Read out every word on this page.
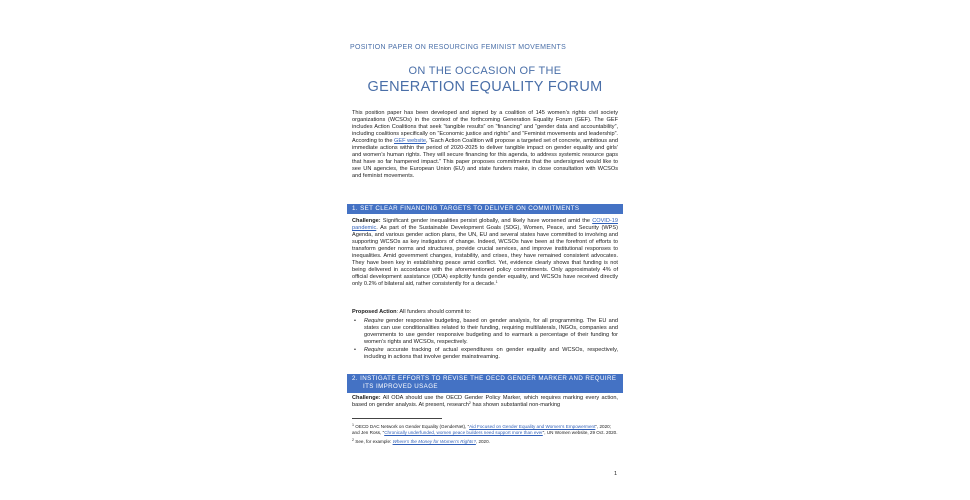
POSITION PAPER ON RESOURCING FEMINIST MOVEMENTS
ON THE OCCASION OF THE
GENERATION EQUALITY FORUM
This position paper has been developed and signed by a coalition of 145 women’s rights civil society organizations (WCSOs) in the context of the forthcoming Generation Equality Forum (GEF). The GEF includes Action Coalitions that seek “tangible results” on “financing” and “gender data and accountability”, including coalitions specifically on “Economic justice and rights” and “Feminist movements and leadership”. According to the GEF website, “Each Action Coalition will propose a targeted set of concrete, ambitious and immediate actions within the period of 2020-2025 to deliver tangible impact on gender equality and girls’ and women’s human rights. They will secure financing for this agenda, to address systemic resource gaps that have so far hampered impact.” This paper proposes commitments that the undersigned would like to see UN agencies, the European Union (EU) and state funders make, in close consultation with WCSOs and feminist movements.
1. SET CLEAR FINANCING TARGETS TO DELIVER ON COMMITMENTS
Challenge: Significant gender inequalities persist globally, and likely have worsened amid the COVID-19 pandemic. As part of the Sustainable Development Goals (SDG), Women, Peace, and Security (WPS) Agenda, and various gender action plans, the UN, EU and several states have committed to involving and supporting WCSOs as key instigators of change. Indeed, WCSOs have been at the forefront of efforts to transform gender norms and structures, provide crucial services, and improve institutional responses to inequalities. Amid government changes, instability, and crises, they have remained consistent advocates. They have been key in establishing peace amid conflict. Yet, evidence clearly shows that funding is not being delivered in accordance with the aforementioned policy commitments. Only approximately 4% of official development assistance (ODA) explicitly funds gender equality, and WCSOs have received directly only 0.2% of bilateral aid, rather consistently for a decade.$^1$
Proposed Action: All funders should commit to:
• Require gender responsive budgeting, based on gender analysis, for all programming. The EU and states can use conditionalities related to their funding, requiring multilaterals, INGOs, companies and governments to use gender responsive budgeting and to earmark a percentage of their funding for women’s rights and WCSOs, respectively.
• Require accurate tracking of actual expenditures on gender equality and WCSOs, respectively, including in actions that involve gender mainstreaming.
2. INSTIGATE EFFORTS TO REVISE THE OECD GENDER MARKER AND REQUIRE
ITS IMPROVED USAGE
Challenge: All ODA should use the OECD Gender Policy Marker, which requires marking every action, based on gender analysis. At present, research$^2$ has shown substantial non-marking
$^1$ OECD DAC Network on Gender Equality (GenderNet), “Aid Focused on Gender Equality and Women’s Empowerment”, 2020; and Jen Ross, “Chronically underfunded, women peace builders need support more than ever”, UN Women website, 29 Oct. 2020.
$^2$ See, for example: Where’s the Money for Women’s Rights?, 2020.
1
